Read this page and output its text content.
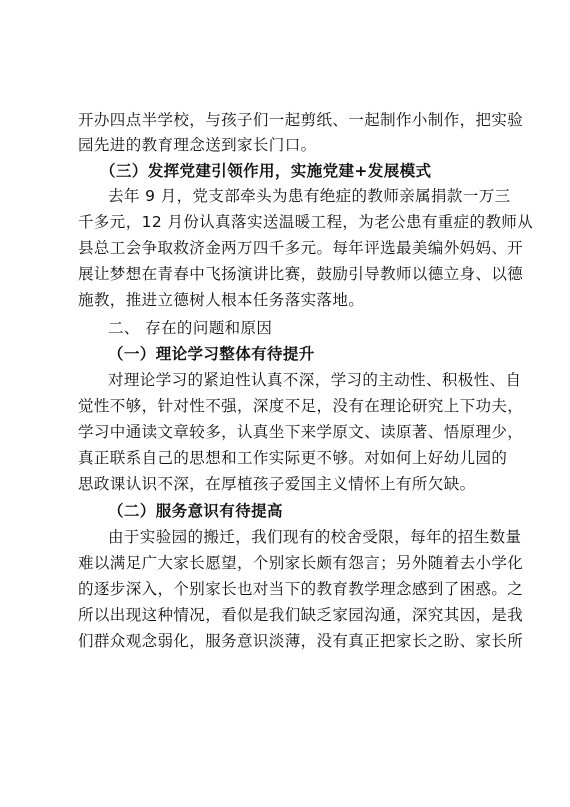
开办四点半学校，与孩子们一起剪纸、一起制作小制作，把实验

园先进的教育理念送到家长门口。

（三）发挥党建引领作用，实施党建+发展模式

去年 9 月，党支部牵头为患有绝症的教师亲属捐款一万三

千多元，12 月份认真落实送温暖工程，为老公患有重症的教师从

县总工会争取救济金两万四千多元。每年评选最美编外妈妈、开

展让梦想在青春中飞扬演讲比赛，鼓励引导教师以德立身、以德

施教，推进立德树人根本任务落实落地。

二、 存在的问题和原因

（一）理论学习整体有待提升

对理论学习的紧迫性认真不深，学习的主动性、积极性、自

觉性不够，针对性不强，深度不足，没有在理论研究上下功夫，

学习中通读文章较多，认真坐下来学原文、读原著、悟原理少，

真正联系自己的思想和工作实际更不够。对如何上好幼儿园的

思政课认识不深，在厚植孩子爱国主义情怀上有所欠缺。

（二）服务意识有待提高

由于实验园的搬迁，我们现有的校舍受限，每年的招生数量

难以满足广大家长愿望，个别家长颇有怨言；另外随着去小学化

的逐步深入，个别家长也对当下的教育教学理念感到了困惑。之

所以出现这种情况，看似是我们缺乏家园沟通，深究其因，是我

们群众观念弱化，服务意识淡薄，没有真正把家长之盼、家长所
